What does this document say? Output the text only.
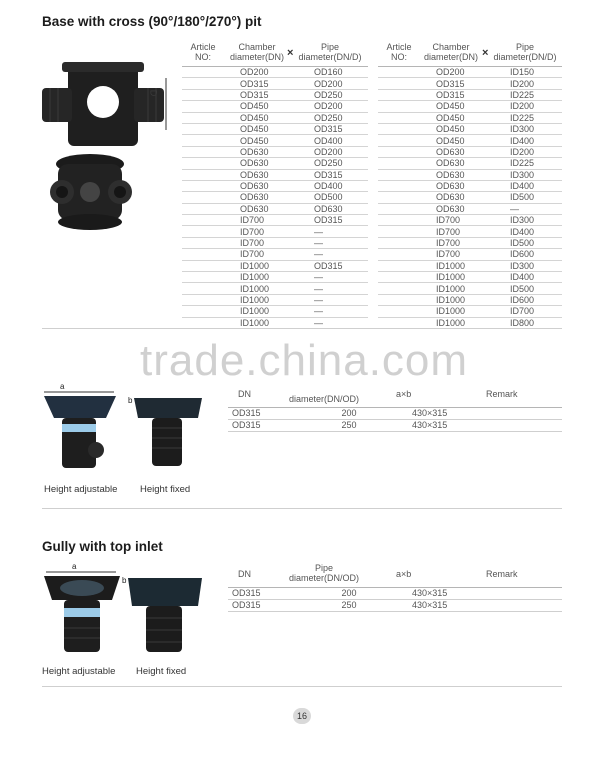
Base with cross (90°/180°/270°) pit
D
Article
NO:
Chamber
diameter(DN) ×	Pipe
diameter(DN/D)
Article
NO:
Chamber
diameter(DN) ×	Pipe
diameter(DN/D)
	OD200	OD160
	OD315	OD200
	OD315	OD250
	OD450	OD200
	OD450	OD250
	OD450	OD315
	OD450	OD400
	OD630	OD200
	OD630	OD250
	OD630	OD315
	OD630	OD400
	OD630	OD500
	OD630	OD630
	ID700	OD315
	ID700	—
	ID700	—
	ID700	—
	ID1000	OD315
	ID1000	—
	ID1000	—
	ID1000	—
	ID1000	—
	ID1000	—
	OD200	ID150
	OD315	ID200
	OD315	ID225
	OD450	ID200
	OD450	ID225
	OD450	ID300
	OD450	ID400
	OD630	ID200
	OD630	ID225
	OD630	ID300
	OD630	ID400
	OD630	ID500
	OD630	—
	ID700	ID300
	ID700	ID400
	ID700	ID500
	ID700	ID600
	ID1000	ID300
	ID1000	ID400
	ID1000	ID500
	ID1000	ID600
	ID1000	ID700
	ID1000	ID800
trade.china.com
a
b
Height adjustable Height fixed
DN	diameter(DN/OD)	a×b	Remark
OD315	200	430×315	
OD315	250	430×315	
Gully with top inlet
a
b
Height adjustable Height fixed
DN
Pipe
diameter(DN/OD)	a×b	Remark
OD315	200	430×315	
OD315	250	430×315	
16
